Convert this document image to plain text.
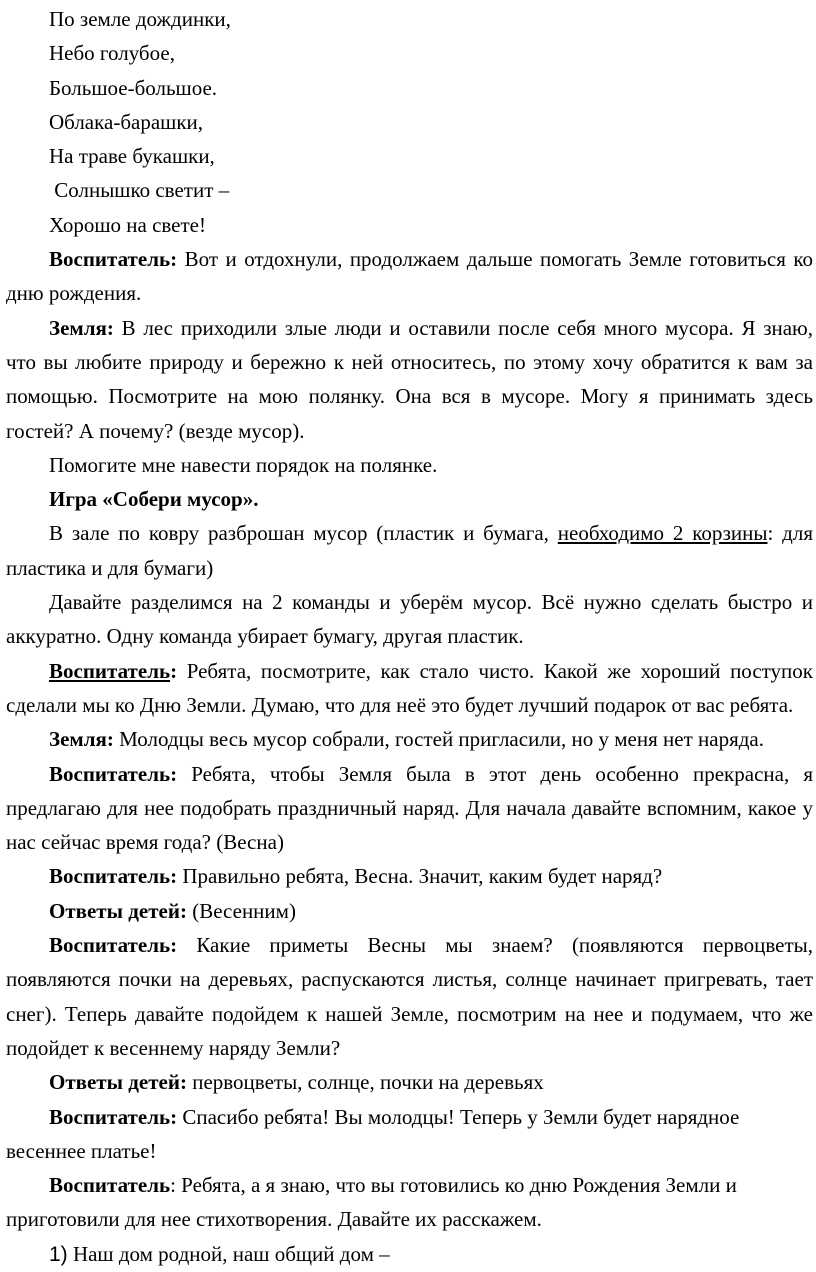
По земле дождинки,

Небо голубое,

Большое-большое.

Облака-барашки,

На траве букашки,

Солнышко светит –

Хорошо на свете!

Воспитатель: Вот и отдохнули, продолжаем дальше помогать Земле готовиться ко дню рождения.

Земля: В лес приходили злые люди и оставили после себя много мусора. Я знаю, что вы любите природу и бережно к ней относитесь, по этому хочу обратится к вам за помощью. Посмотрите на мою полянку. Она вся в мусоре. Могу я принимать здесь гостей? А почему? (везде мусор).

Помогите мне навести порядок на полянке.

Игра «Собери мусор».

В зале по ковру разброшан мусор (пластик и бумага, необходимо 2 корзины: для пластика и для бумаги)

Давайте разделимся на 2 команды и уберём мусор. Всё нужно сделать быстро и аккуратно. Одну команда убирает бумагу, другая пластик.

Воспитатель: Ребята, посмотрите, как стало чисто. Какой же хороший поступок сделали мы ко Дню Земли. Думаю, что для неё это будет лучший подарок от вас ребята.

Земля: Молодцы весь мусор собрали, гостей пригласили, но у меня нет наряда.

Воспитатель: Ребята, чтобы Земля была в этот день особенно прекрасна, я предлагаю для нее подобрать праздничный наряд. Для начала давайте вспомним, какое у нас сейчас время года? (Весна)

Воспитатель: Правильно ребята, Весна. Значит, каким будет наряд?

Ответы детей: (Весенним)

Воспитатель: Какие приметы Весны мы знаем? (появляются первоцветы, появляются почки на деревьях, распускаются листья, солнце начинает пригревать, тает снег). Теперь давайте подойдем к нашей Земле, посмотрим на нее и подумаем, что же подойдет к весеннему наряду Земли?

Ответы детей: первоцветы, солнце, почки на деревьях

Воспитатель: Спасибо ребята! Вы молодцы! Теперь у Земли будет нарядное весеннее платье!

Воспитатель: Ребята, а я знаю, что вы готовились ко дню Рождения Земли и приготовили для нее стихотворения. Давайте их расскажем.

1) Наш дом родной, наш общий дом –
